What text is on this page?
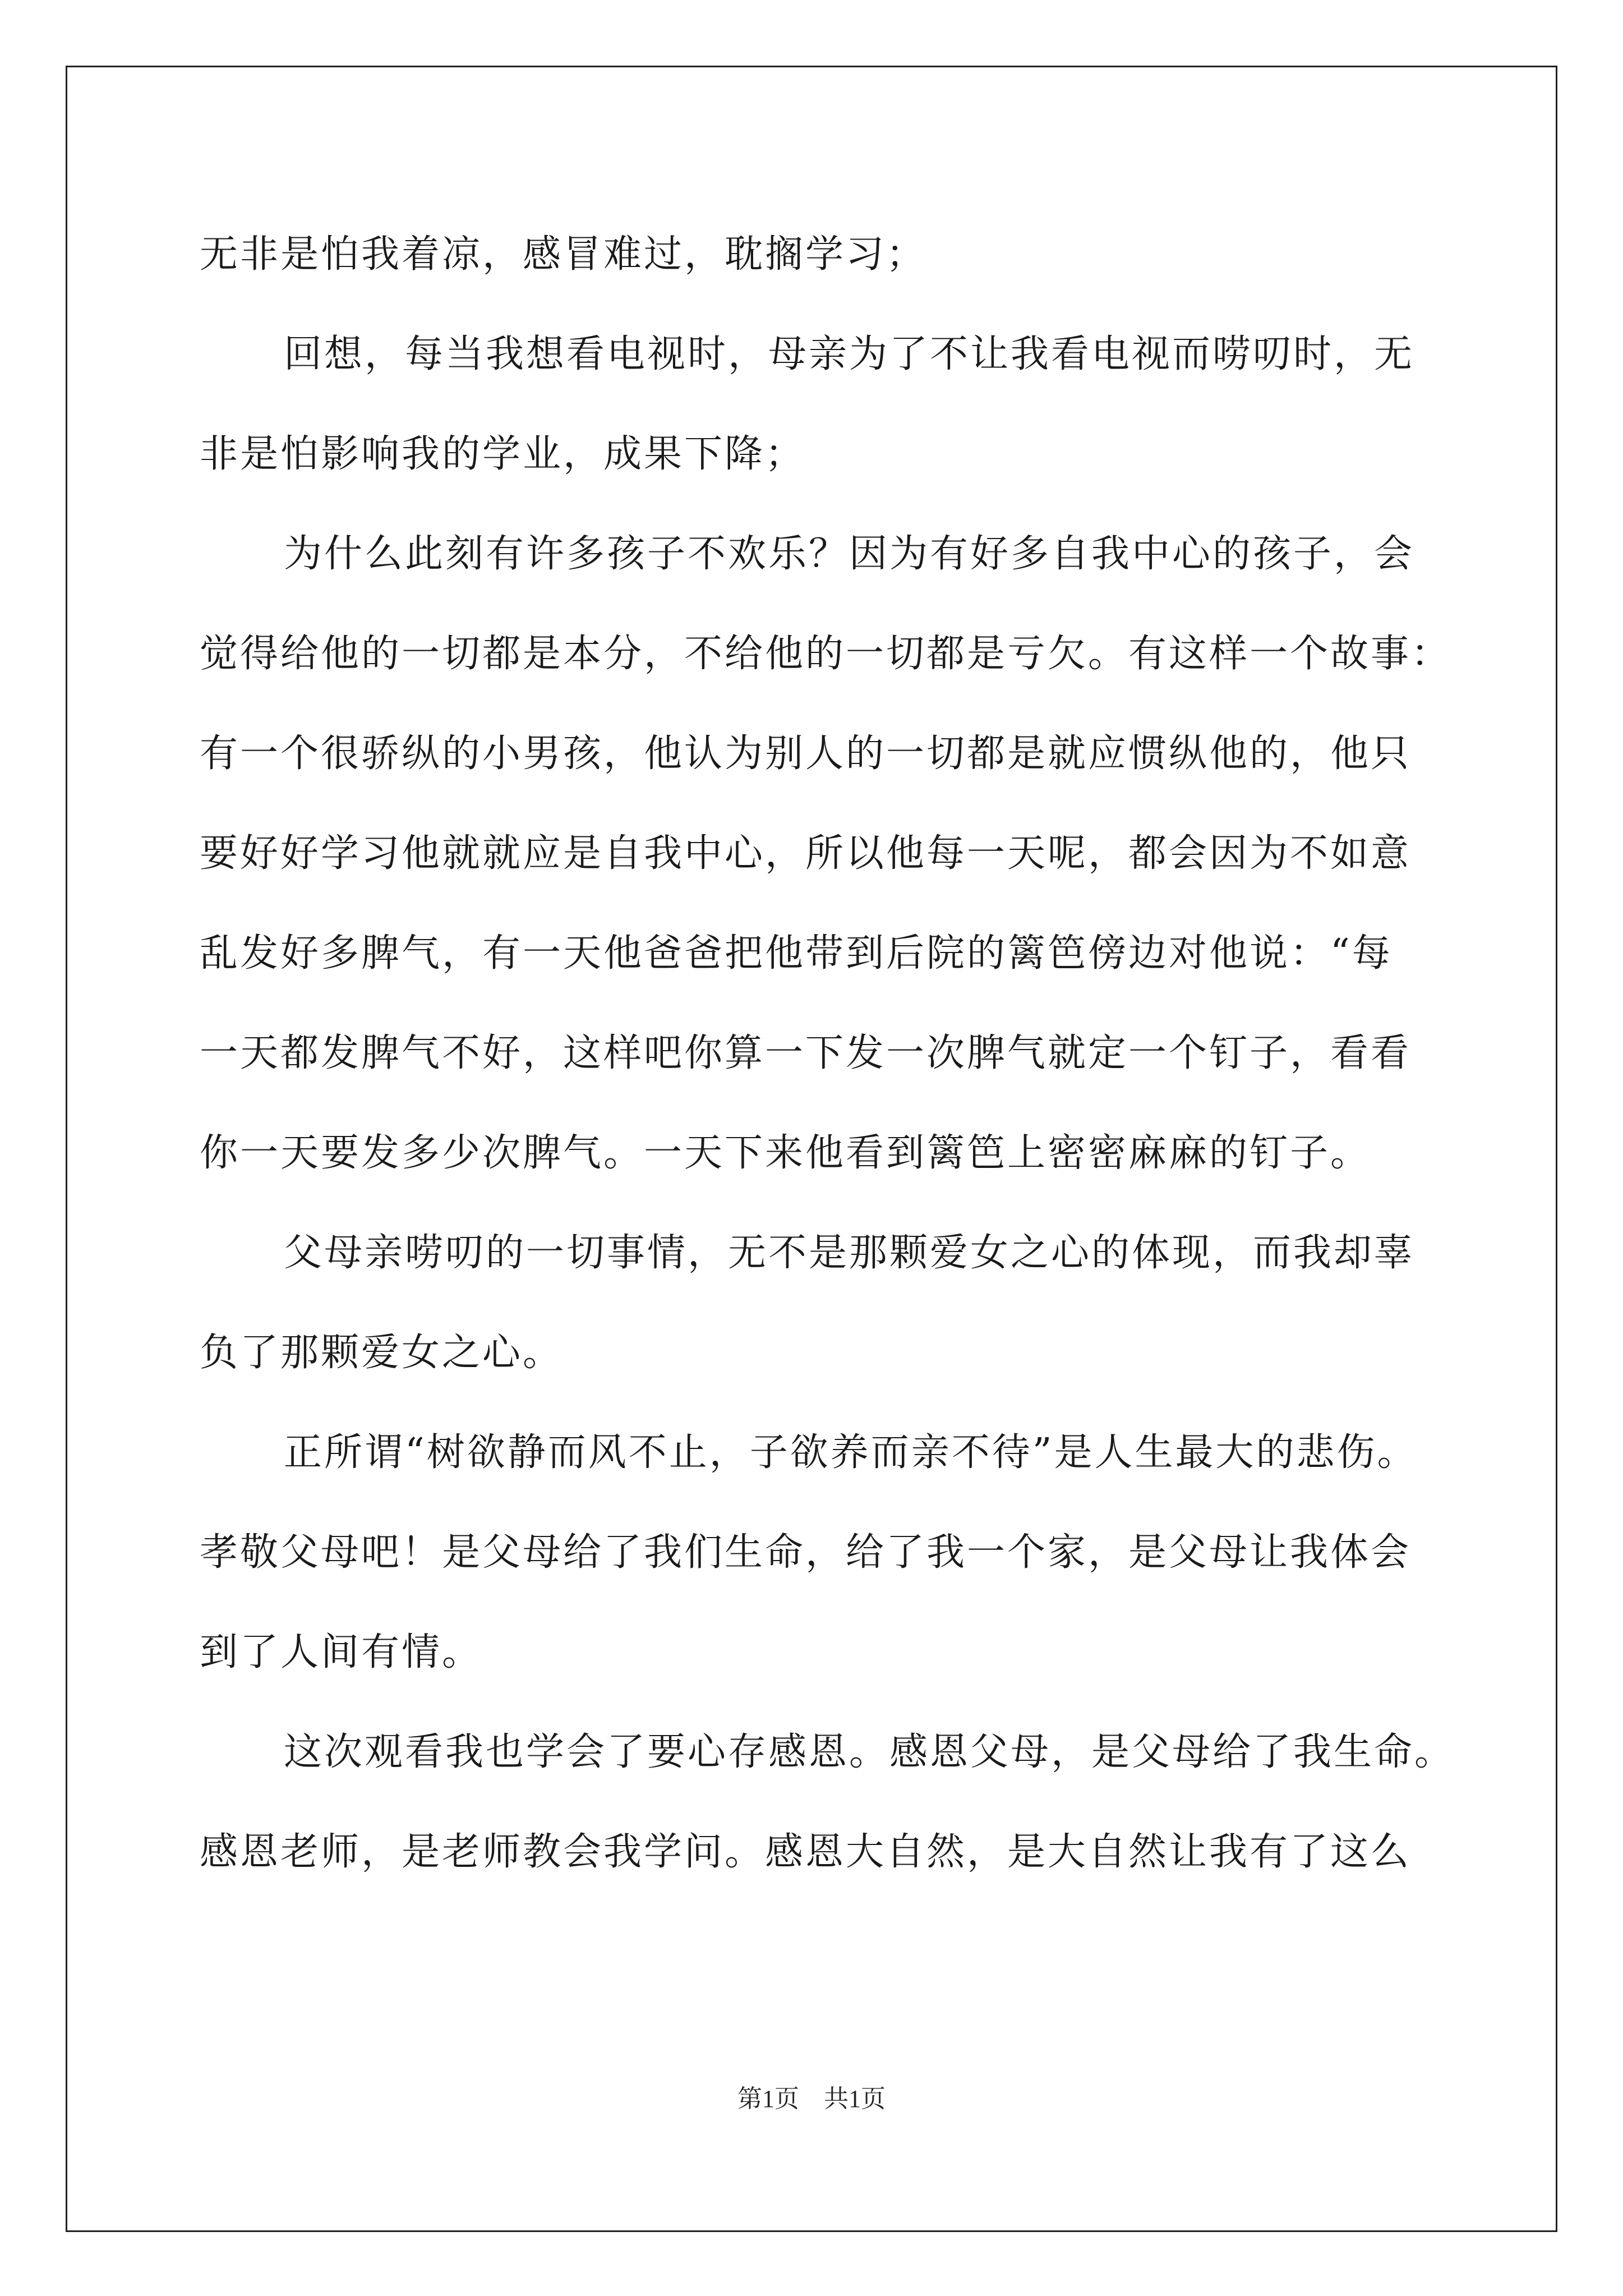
无非是怕我着凉，感冒难过，耽搁学习；
回想，每当我想看电视时，母亲为了不让我看电视而唠叨时，无
非是怕影响我的学业，成果下降；
为什么此刻有许多孩子不欢乐？因为有好多自我中心的孩子，会
觉得给他的一切都是本分，不给他的一切都是亏欠。有这样一个故事：
有一个很骄纵的小男孩，他认为别人的一切都是就应惯纵他的，他只
要好好学习他就就应是自我中心，所以他每一天呢，都会因为不如意
乱发好多脾气，有一天他爸爸把他带到后院的篱笆傍边对他说：“每
一天都发脾气不好，这样吧你算一下发一次脾气就定一个钉子，看看
你一天要发多少次脾气。一天下来他看到篱笆上密密麻麻的钉子。
父母亲唠叨的一切事情，无不是那颗爱女之心的体现，而我却辜
负了那颗爱女之心。
正所谓“树欲静而风不止，子欲养而亲不待”是人生最大的悲伤。
孝敬父母吧！是父母给了我们生命，给了我一个家，是父母让我体会
到了人间有情。
这次观看我也学会了要心存感恩。感恩父母，是父母给了我生命。
感恩老师，是老师教会我学问。感恩大自然，是大自然让我有了这么
第1页　共1页
